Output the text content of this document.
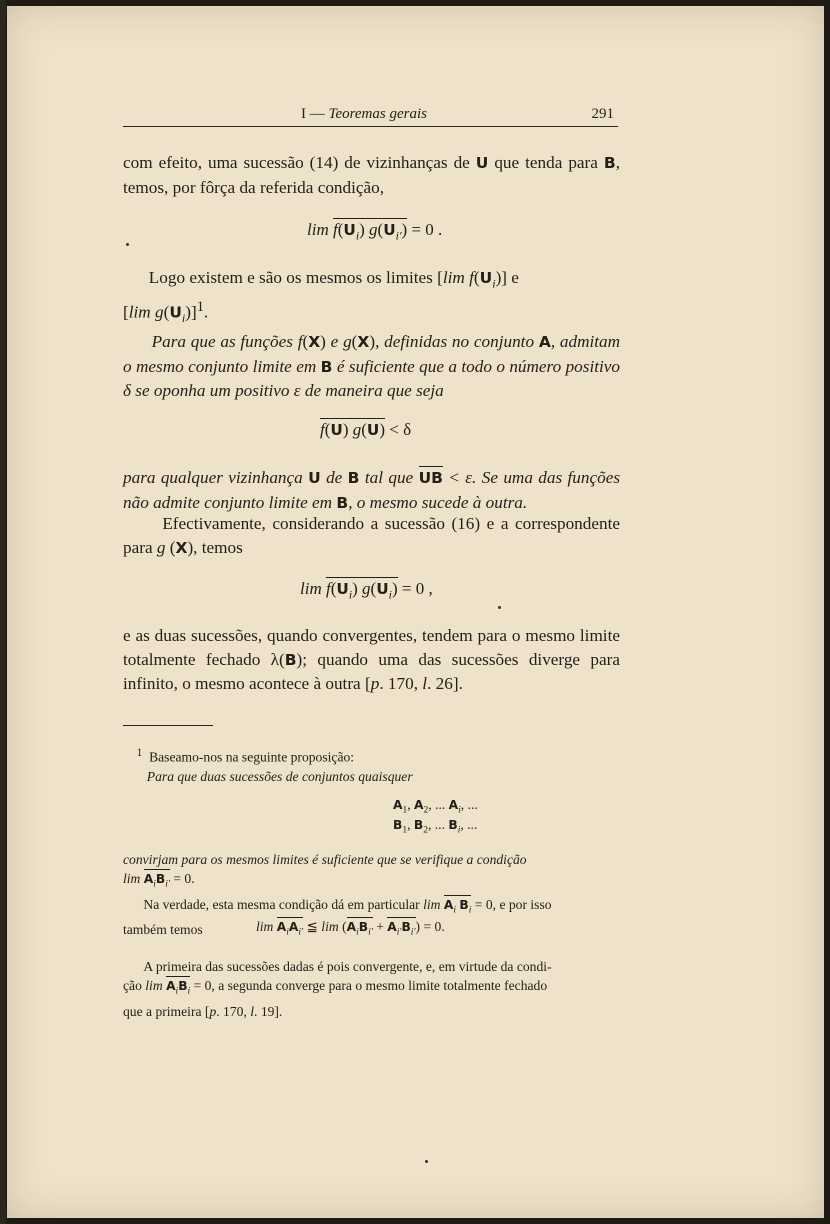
I — Teoremas gerais	291

com efeito, uma sucessão (14) de vizinhanças de U que tenda para B, temos, por fôrça da referida condição,

$\lim f(U_i) g(U_{i'}) = 0$ .

Logo existem e são os mesmos os limites [lim $f(U_i)$] e
[lim $g(U_i)]^1$.

Para que as funções f(X) e g(X), definidas no conjunto A, admitam o mesmo conjunto limite em B é suficiente que a todo o número positivo δ se oponha um positivo ε de maneira que seja

f(U) g(U) < δ

para qualquer vizinhança U de B tal que UB < ε. Se uma das funções não admite conjunto limite em B, o mesmo sucede à outra.

Efectivamente, considerando a sucessão (16) e a correspondente para g (X), temos

$\lim f(U_i) g(U_i) = 0$ ,

e as duas sucessões, quando convergentes, tendem para o mesmo limite totalmente fechado λ(B); quando uma das sucessões diverge para infinito, o mesmo acontece à outra [p. 170, l. 26].

$^1$ Baseamo-nos na seguinte proposição:
Para que duas sucessões de conjuntos quaisquer

$A_1$, $A_2$, ... $A_i$, ...
$B_1$, $B_2$, ... $B_i$, ...

convirjam para os mesmos limites é suficiente que se verifique a condição
$\lim A_iB_{i'} = 0$.
Na verdade, esta mesma condição dá em particular $\lim A_i$ $B_i = 0$, e por isso
também temos	$\lim A_iA_{i'}$ ≦ $\lim (A_iB_{i'} + A_{i'}B_{i'}) = 0$.

A primeira das sucessões dadas é pois convergente, e, em virtude da condi-
ção $\lim A_iB_i = 0$, a segunda converge para o mesmo limite totalmente fechado
que a primeira [p. 170, l. 19].
